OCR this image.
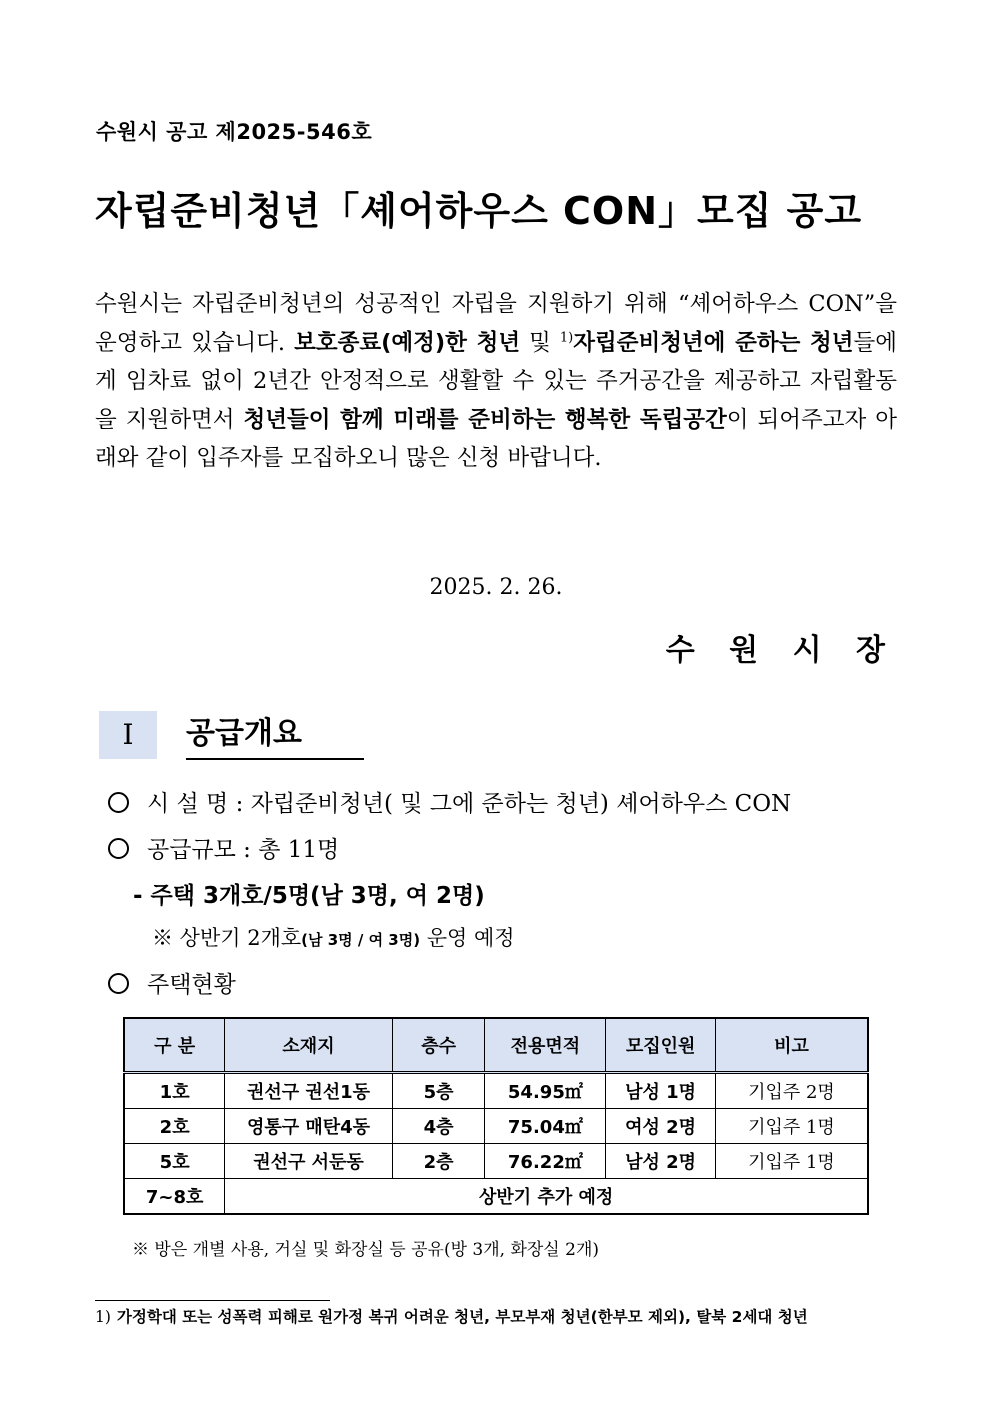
수원시 공고 제2025-546호
자립준비청년「셰어하우스 CON」모집 공고
수원시는 자립준비청년의 성공적인 자립을 지원하기 위해 “셰어하우스 CON”을 운영하고 있습니다. 보호종료(예정)한 청년 및 $^{1)}$자립준비청년에 준하는 청년들에게 임차료 없이 2년간 안정적으로 생활할 수 있는 주거공간을 제공하고 자립활동을 지원하면서 청년들이 함께 미래를 준비하는 행복한 독립공간이 되어주고자 아래와 같이 입주자를 모집하오니 많은 신청 바랍니다.
2025. 2. 26.
수 원 시 장
I	공급개요
시 설 명 : 자립준비청년( 및 그에 준하는 청년) 셰어하우스 CON
공급규모 : 총 11명
- 주택 3개호/5명(남 3명, 여 2명)
※ 상반기 2개호(남 3명 / 여 3명) 운영 예정
주택현황
구 분	소재지	층수	전용면적	모집인원	비고
1호	권선구 권선1동	5층	54.95㎡	남성 1명	기입주 2명
2호	영통구 매탄4동	4층	75.04㎡	여성 2명	기입주 1명
5호	권선구 서둔동	2층	76.22㎡	남성 2명	기입주 1명
7~8호	상반기 추가 예정				
※ 방은 개별 사용, 거실 및 화장실 등 공유(방 3개, 화장실 2개)
1) 가정학대 또는 성폭력 피해로 원가정 복귀 어려운 청년, 부모부재 청년(한부모 제외), 탈북 2세대 청년
